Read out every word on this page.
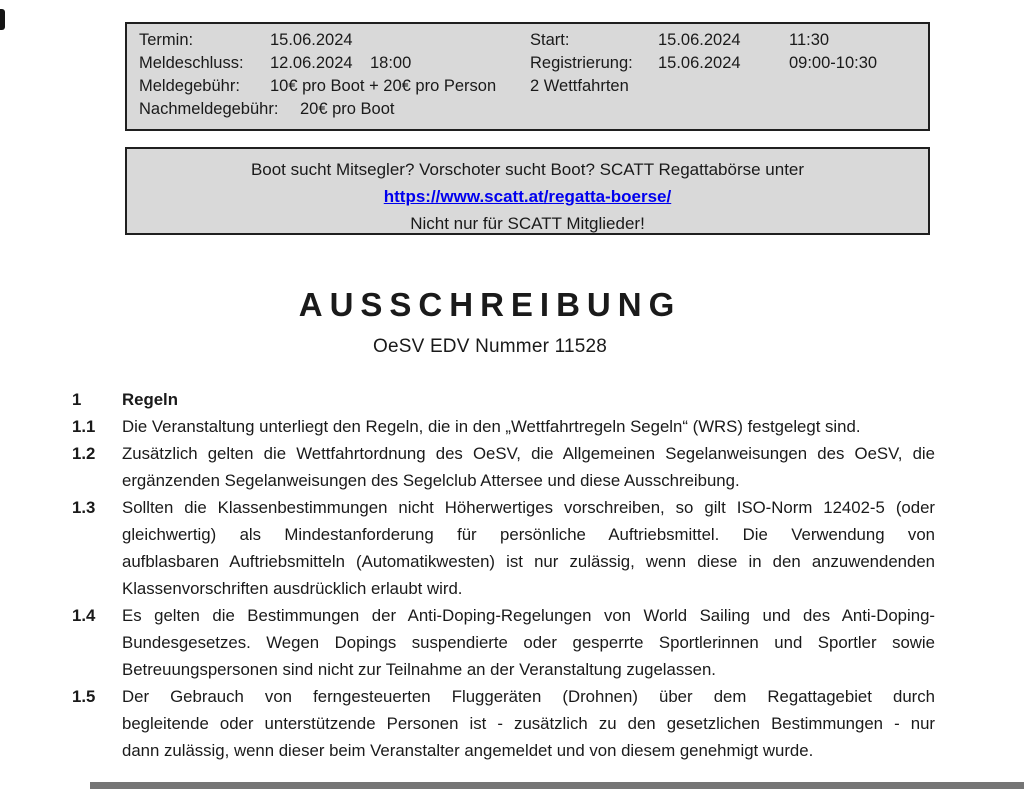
Termin:	15.06.2024
Meldeschluss: 12.06.2024 18:00
Meldegebühr: 10€ pro Boot + 20€ pro Person
Nachmeldegebühr: 20€ pro Boot
Start:	15.06.2024	11:30
Registrierung: 15.06.2024	09:00-10:30
2 Wettfahrten
Boot sucht Mitsegler? Vorschoter sucht Boot? SCATT Regattabörse unter
https://www.scatt.at/regatta-boerse/
Nicht nur für SCATT Mitglieder!
AUSSCHREIBUNG
OeSV EDV Nummer 11528
1 Regeln
1.1 Die Veranstaltung unterliegt den Regeln, die in den „Wettfahrtregeln Segeln“ (WRS) festgelegt sind.
1.2 Zusätzlich gelten die Wettfahrtordnung des OeSV, die Allgemeinen Segelanweisungen des OeSV, die
ergänzenden Segelanweisungen des Segelclub Attersee und diese Ausschreibung.
1.3 Sollten die Klassenbestimmungen nicht Höherwertiges vorschreiben, so gilt ISO-Norm 12402-5 (oder
gleichwertig) als Mindestanforderung für persönliche Auftriebsmittel. Die Verwendung von
aufblasbaren Auftriebsmitteln (Automatikwesten) ist nur zulässig, wenn diese in den anzuwendenden
Klassenvorschriften ausdrücklich erlaubt wird.
1.4 Es gelten die Bestimmungen der Anti-Doping-Regelungen von World Sailing und des Anti-Doping-
Bundesgesetzes. Wegen Dopings suspendierte oder gesperrte Sportlerinnen und Sportler sowie
Betreuungspersonen sind nicht zur Teilnahme an der Veranstaltung zugelassen.
1.5 Der Gebrauch von ferngesteuerten Fluggeräten (Drohnen) über dem Regattagebiet durch
begleitende oder unterstützende Personen ist - zusätzlich zu den gesetzlichen Bestimmungen - nur
dann zulässig, wenn dieser beim Veranstalter angemeldet und von diesem genehmigt wurde.
